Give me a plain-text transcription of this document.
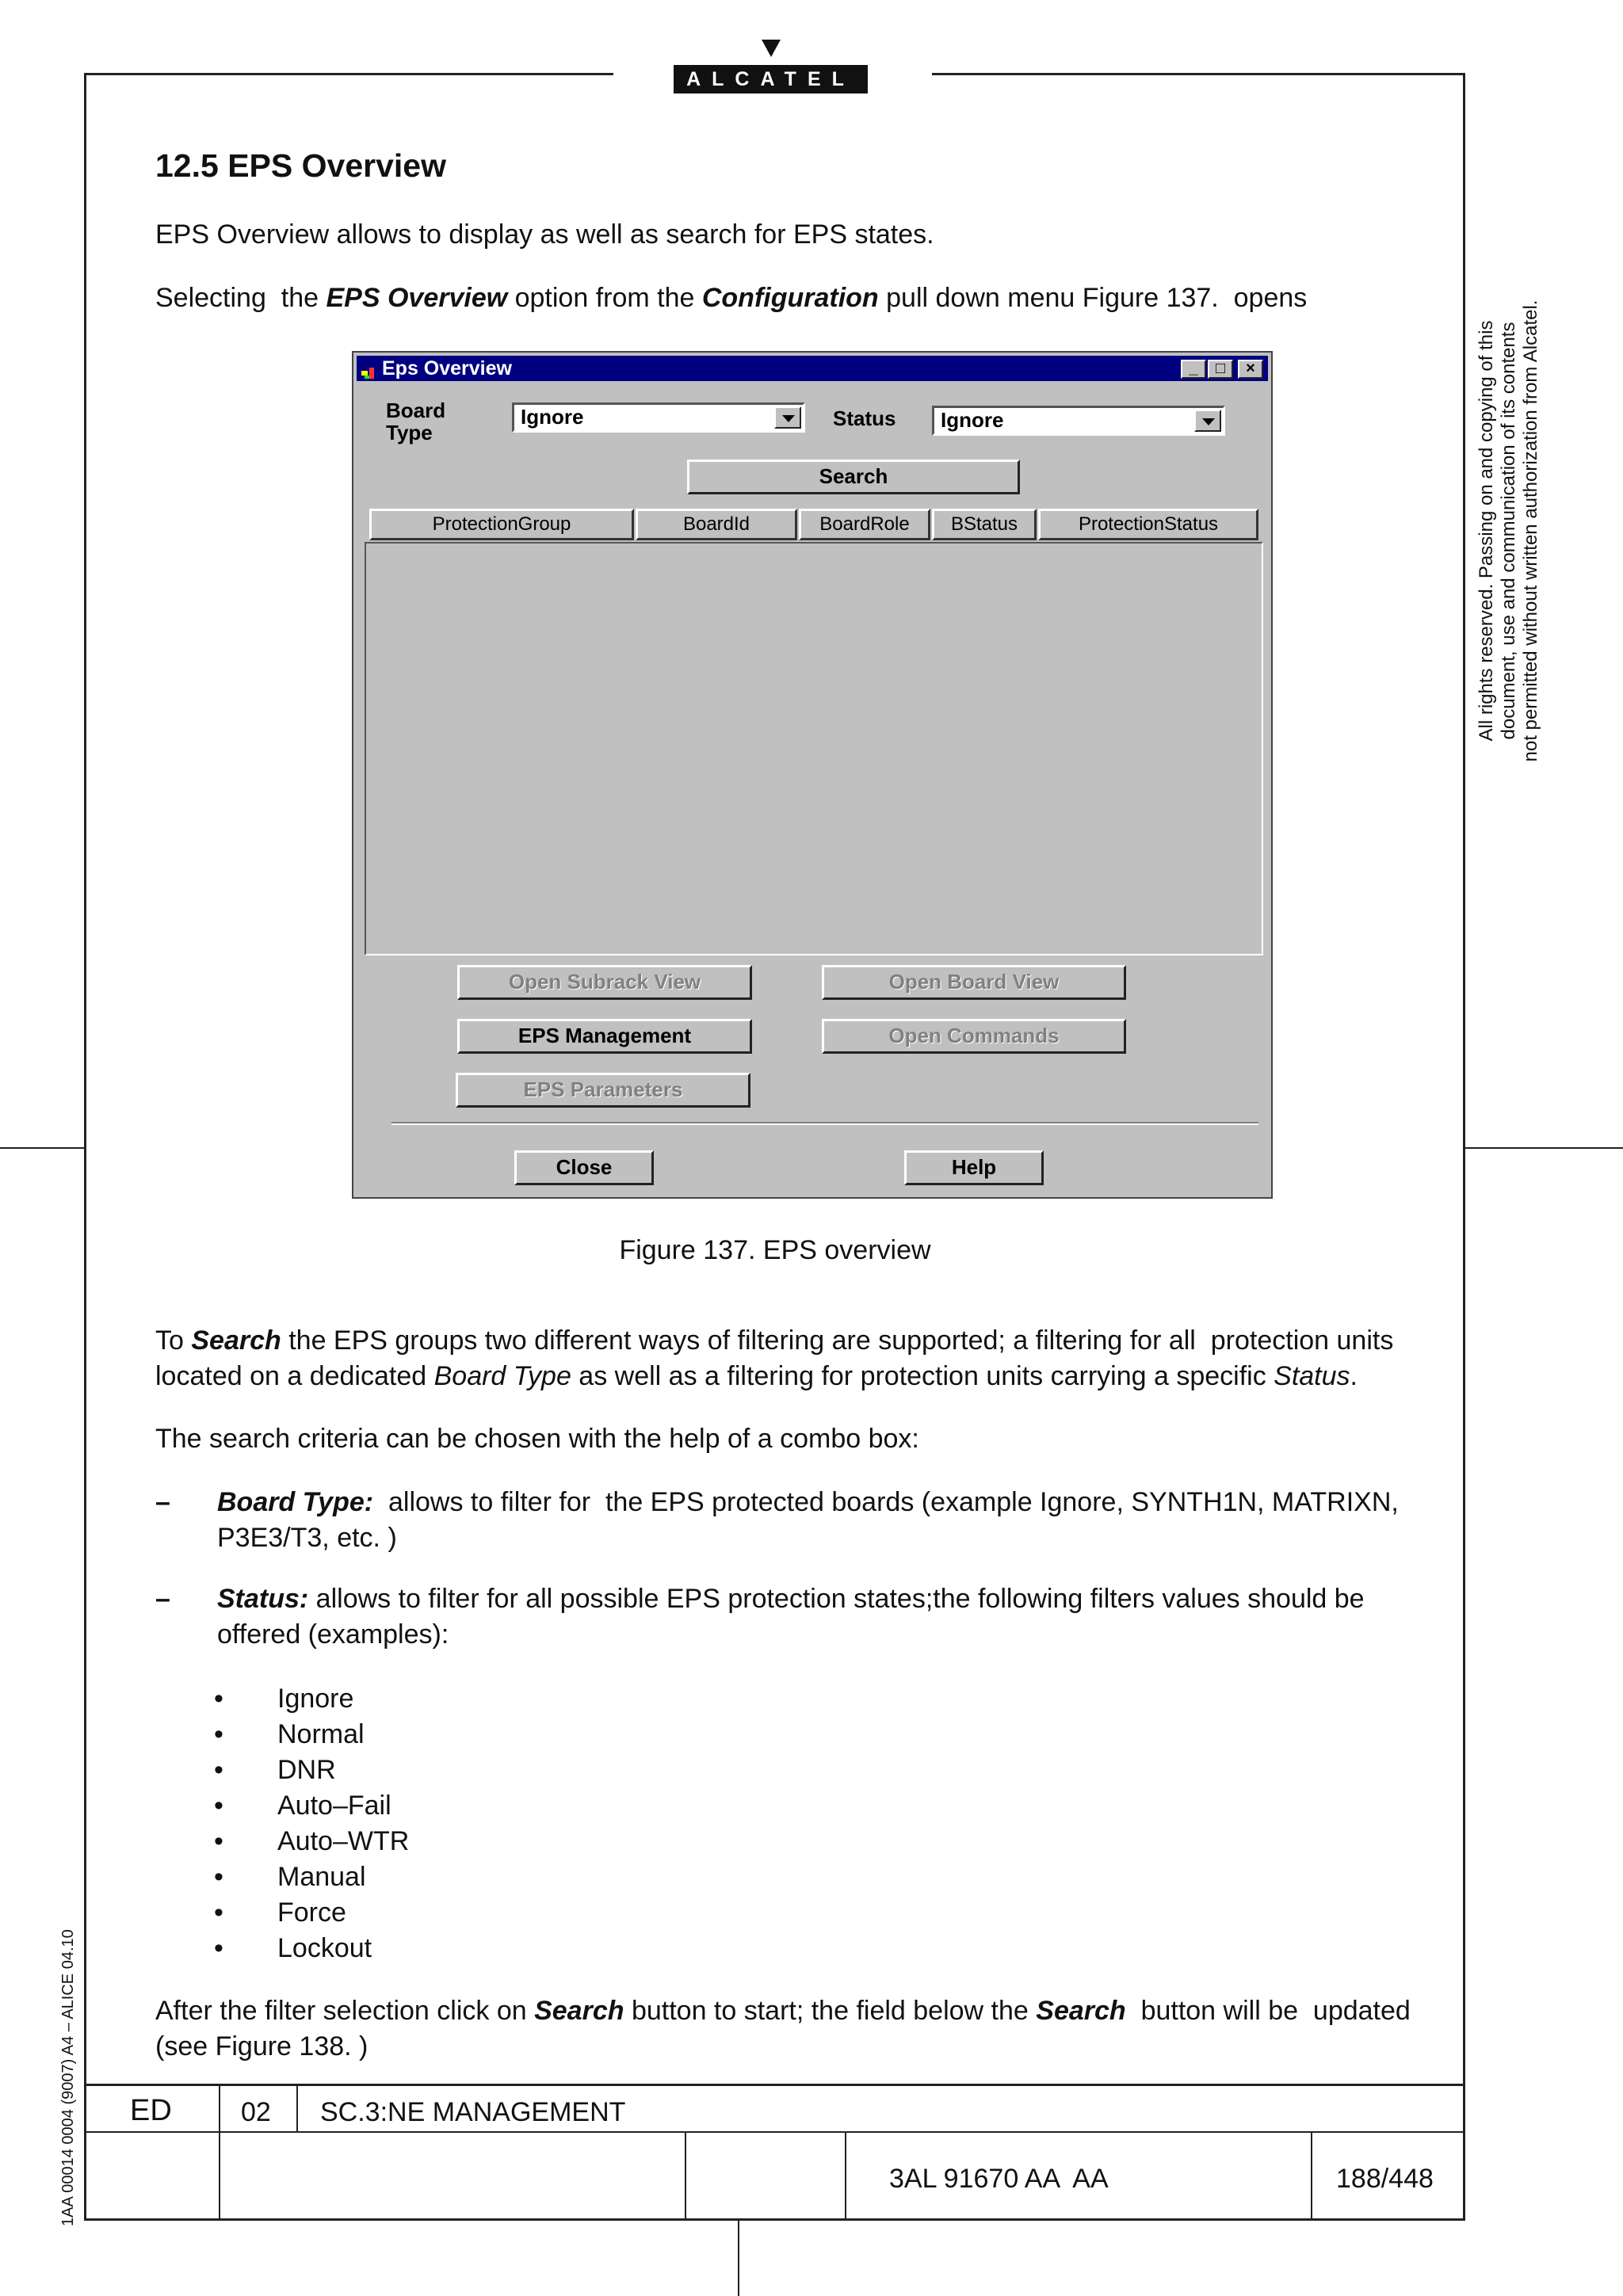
ALCATEL
12.5 EPS Overview
EPS Overview allows to display as well as search for EPS states.
Selecting  the EPS Overview option from the Configuration pull down menu Figure 137.  opens
Eps Overview	_	□	×
Board Type
Ignore	Status	Ignore
Search
ProtectionGroup	BoardId	BoardRole	BStatus	ProtectionStatus
Open Subrack View	Open Board View
EPS Management	Open Commands
EPS Parameters
Close	Help
Figure 137. EPS overview
To Search the EPS groups two different ways of filtering are supported; a filtering for all  protection units
located on a dedicated Board Type as well as a filtering for protection units carrying a specific Status.
The search criteria can be chosen with the help of a combo box:
– Board Type:  allows to filter for  the EPS protected boards (example Ignore, SYNTH1N, MATRIXN,
P3E3/T3, etc. )
– Status: allows to filter for all possible EPS protection states;the following filters values should be
offered (examples):
• Ignore
• Normal
• DNR
• Auto–Fail
• Auto–WTR
• Manual
• Force
• Lockout
After the filter selection click on Search button to start; the field below the Search  button will be  updated
(see Figure 138. )
All rights reserved. Passing on and copying of this document, use and communication of its contents not permitted without written authorization from Alcatel.
1AA 00014 0004 (9007) A4 – ALICE 04.10 ED	02 SC.3:NE MANAGEMENT
3AL 91670 AA  AA	188/448
